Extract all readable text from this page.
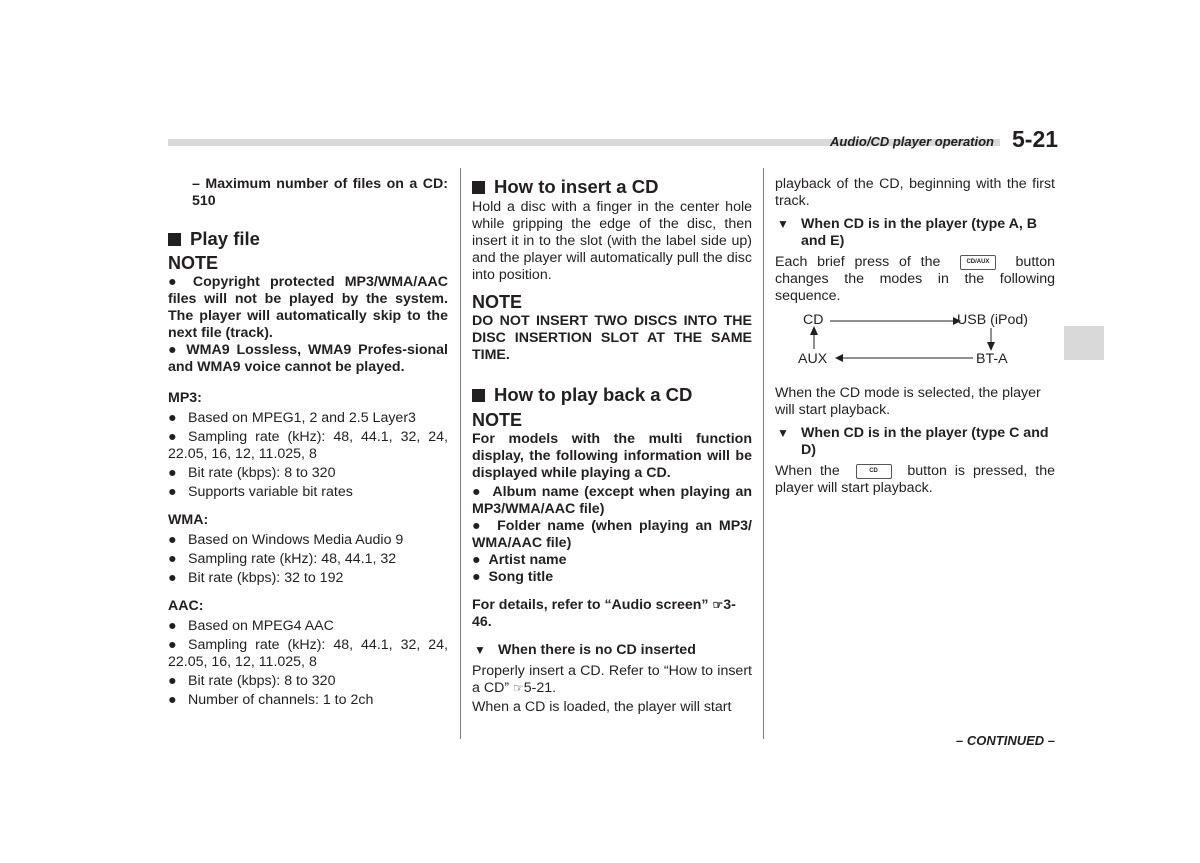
Audio/CD player operation 5-21

– Maximum number of files on a CD: 510

Play file

NOTE

● Copyright protected MP3/WMA/AAC files will not be played by the system. The player will automatically skip to the next file (track).

● WMA9 Lossless, WMA9 Profes-sional and WMA9 voice cannot be played.

MP3:

● Based on MPEG1, 2 and 2.5 Layer3

● Sampling rate (kHz): 48, 44.1, 32, 24, 22.05, 16, 12, 11.025, 8

● Bit rate (kbps): 8 to 320

● Supports variable bit rates

WMA:

● Based on Windows Media Audio 9

● Sampling rate (kHz): 48, 44.1, 32

● Bit rate (kbps): 32 to 192

AAC:

● Based on MPEG4 AAC

● Sampling rate (kHz): 48, 44.1, 32, 24, 22.05, 16, 12, 11.025, 8

● Bit rate (kbps): 8 to 320

● Number of channels: 1 to 2ch

How to insert a CD

Hold a disc with a finger in the center hole while gripping the edge of the disc, then insert it in to the slot (with the label side up) and the player will automatically pull the disc into position.

NOTE

DO NOT INSERT TWO DISCS INTO THE DISC INSERTION SLOT AT THE SAME TIME.

How to play back a CD

NOTE

For models with the multi function display, the following information will be displayed while playing a CD.

● Album name (except when playing an MP3/WMA/AAC file)

● Folder name (when playing an MP3/ WMA/AAC file)

● Artist name

● Song title

For details, refer to “Audio screen” ☞3-46.

▼ When there is no CD inserted

Properly insert a CD. Refer to “How to insert a CD” ☞5-21.

When a CD is loaded, the player will start

playback of the CD, beginning with the first track.

▼ When CD is in the player (type A, B and E)

Each brief press of the	CD/AUX button changes the modes in the following sequence.

CD	USB (iPod)
AUX	BT-A

When the CD mode is selected, the player will start playback.

▼ When CD is in the player (type C and D)

When the	CD button is pressed, the player will start playback.

– CONTINUED –
